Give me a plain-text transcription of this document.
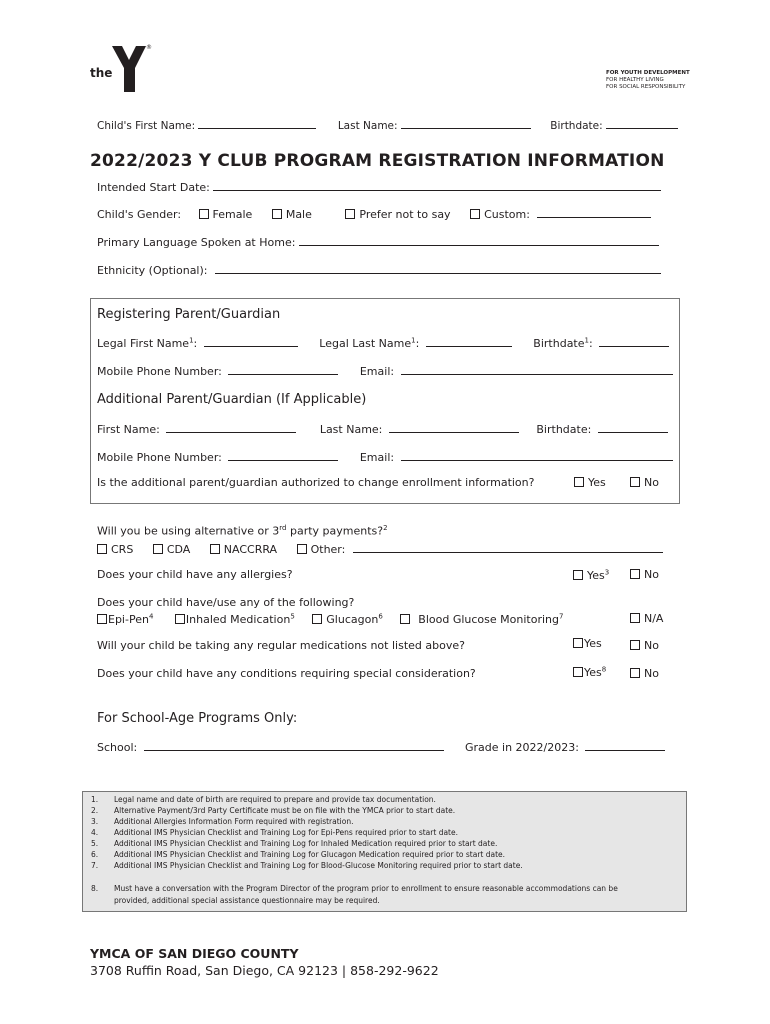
the
®
FOR YOUTH DEVELOPMENT
FOR HEALTHY LIVING
FOR SOCIAL RESPONSIBILITY
Child's First Name:	Last Name:	Birthdate:
2022/2023 Y CLUB PROGRAM REGISTRATION INFORMATION
Intended Start Date:
Child's Gender:	Female	Male	Prefer not to say	Custom:
Primary Language Spoken at Home:
Ethnicity (Optional):
Registering Parent/Guardian
Legal First Name$^1$:	Legal Last Name$^1$:	Birthdate$^1$:
Mobile Phone Number:	Email:
Additional Parent/Guardian (If Applicable)
First Name:	Last Name:	Birthdate:
Mobile Phone Number:	Email:
Is the additional parent/guardian authorized to change enrollment information?	Yes	No
Will you be using alternative or 3rd party payments?$^2$
CRS	CDA	NACCRRA	Other:
Does your child have any allergies?	Yes$^3$	No
Does your child have/use any of the following?
Epi-Pen$^4$	Inhaled Medication$^5$	Glucagon$^6$	Blood Glucose Monitoring$^7$	N/A
Will your child be taking any regular medications not listed above?	Yes	No
Does your child have any conditions requiring special consideration?	Yes$^8$	No
For School-Age Programs Only:
School:	Grade in 2022/2023:
1. Legal name and date of birth are required to prepare and provide tax documentation.
2. Alternative Payment/3rd Party Certificate must be on file with the YMCA prior to start date.
3. Additional Allergies Information Form required with registration.
4. Additional IMS Physician Checklist and Training Log for Epi-Pens required prior to start date.
5. Additional IMS Physician Checklist and Training Log for Inhaled Medication required prior to start date.
6. Additional IMS Physician Checklist and Training Log for Glucagon Medication required prior to start date.
7. Additional IMS Physician Checklist and Training Log for Blood-Glucose Monitoring required prior to start date.
8. Must have a conversation with the Program Director of the program prior to enrollment to ensure reasonable accommodations can be
provided, additional special assistance questionnaire may be required.
YMCA OF SAN DIEGO COUNTY
3708 Ruffin Road, San Diego, CA 92123 | 858-292-9622
